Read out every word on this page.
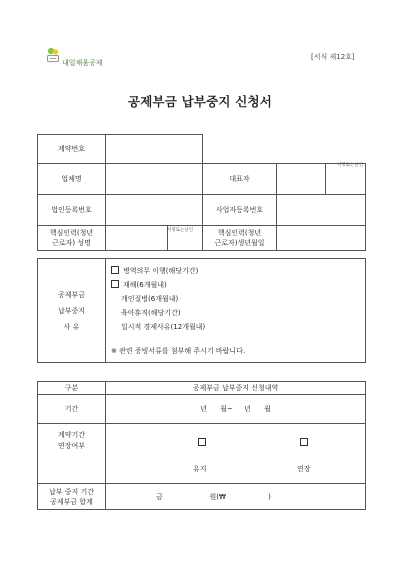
내일채움공제
[서식 제12호]
공제부금 납부중지 신청서
계약번호					
업체명			대표자		서명또는날인

법인등록번호			사업자등록번호		
핵심인력(청년
근로자) 성명		서명또는날인	핵심인력(청년
근로자)생년월일		
공제부금
납부중지
사 유	
병역의무 이행(해당기간)
재해(6개월내)
개인질병(6개월내)
육아휴직(해당기간)
일시적 경제사유(12개월내)
※ 관련 증빙서류를 첨부해 주시기 바랍니다.
구분	공제부금 납부중지 신청내역
기간	년      월~     년      월
계약기간
연장여부	유지 연장

납부 중지 기간
공제부금 합계	금                     원(₩                   )
